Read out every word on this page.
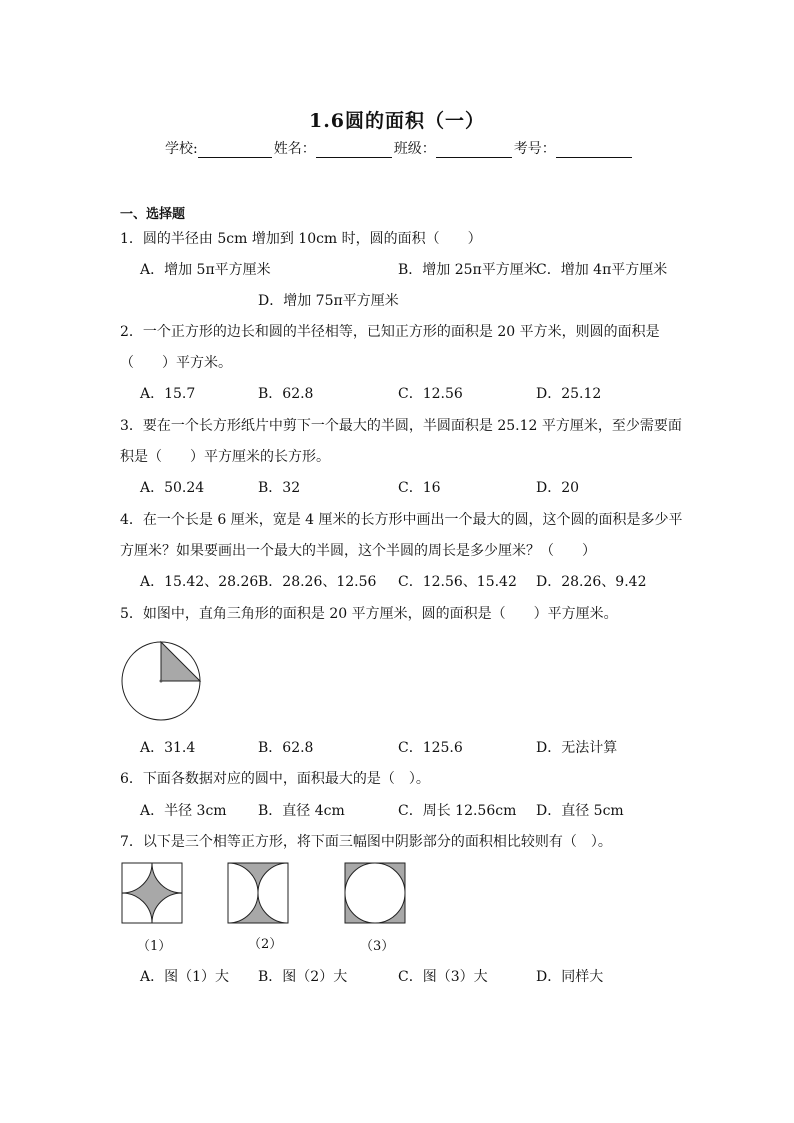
1.6圆的面积（一）
学校:	姓名：	班级：	考号：
一、选择题
1．圆的半径由 5cm 增加到 10cm 时，圆的面积（　　）
A．增加 5π平方厘米	B．增加 25π平方厘米
C．增加 4π平方厘米
D．增加 75π平方厘米
2．一个正方形的边长和圆的半径相等，已知正方形的面积是 20 平方米，则圆的面积是
（　　）平方米。
A．15.7	B．62.8	C．12.56	D．25.12
3．要在一个长方形纸片中剪下一个最大的半圆，半圆面积是 25.12 平方厘米，至少需要面
积是（　　）平方厘米的长方形。
A．50.24	B．32	C．16	D．20
4．在一个长是 6 厘米，宽是 4 厘米的长方形中画出一个最大的圆，这个圆的面积是多少平
方厘米？如果要画出一个最大的半圆，这个半圆的周长是多少厘米？（　　）
A．15.42、28.26 B．28.26、12.56 C．12.56、15.42 D．28.26、9.42
5．如图中，直角三角形的面积是 20 平方厘米，圆的面积是（　　）平方厘米。
A．31.4	B．62.8	C．125.6	D．无法计算
6．下面各数据对应的圆中，面积最大的是（　）。
A．半径 3cm B．直径 4cm	C．周长 12.56cm D．直径 5cm
7．以下是三个相等正方形，将下面三幅图中阴影部分的面积相比较则有（　）。
（1）	（2）	（3）
A．图（1）大 B．图（2）大	C．图（3）大	D．同样大
